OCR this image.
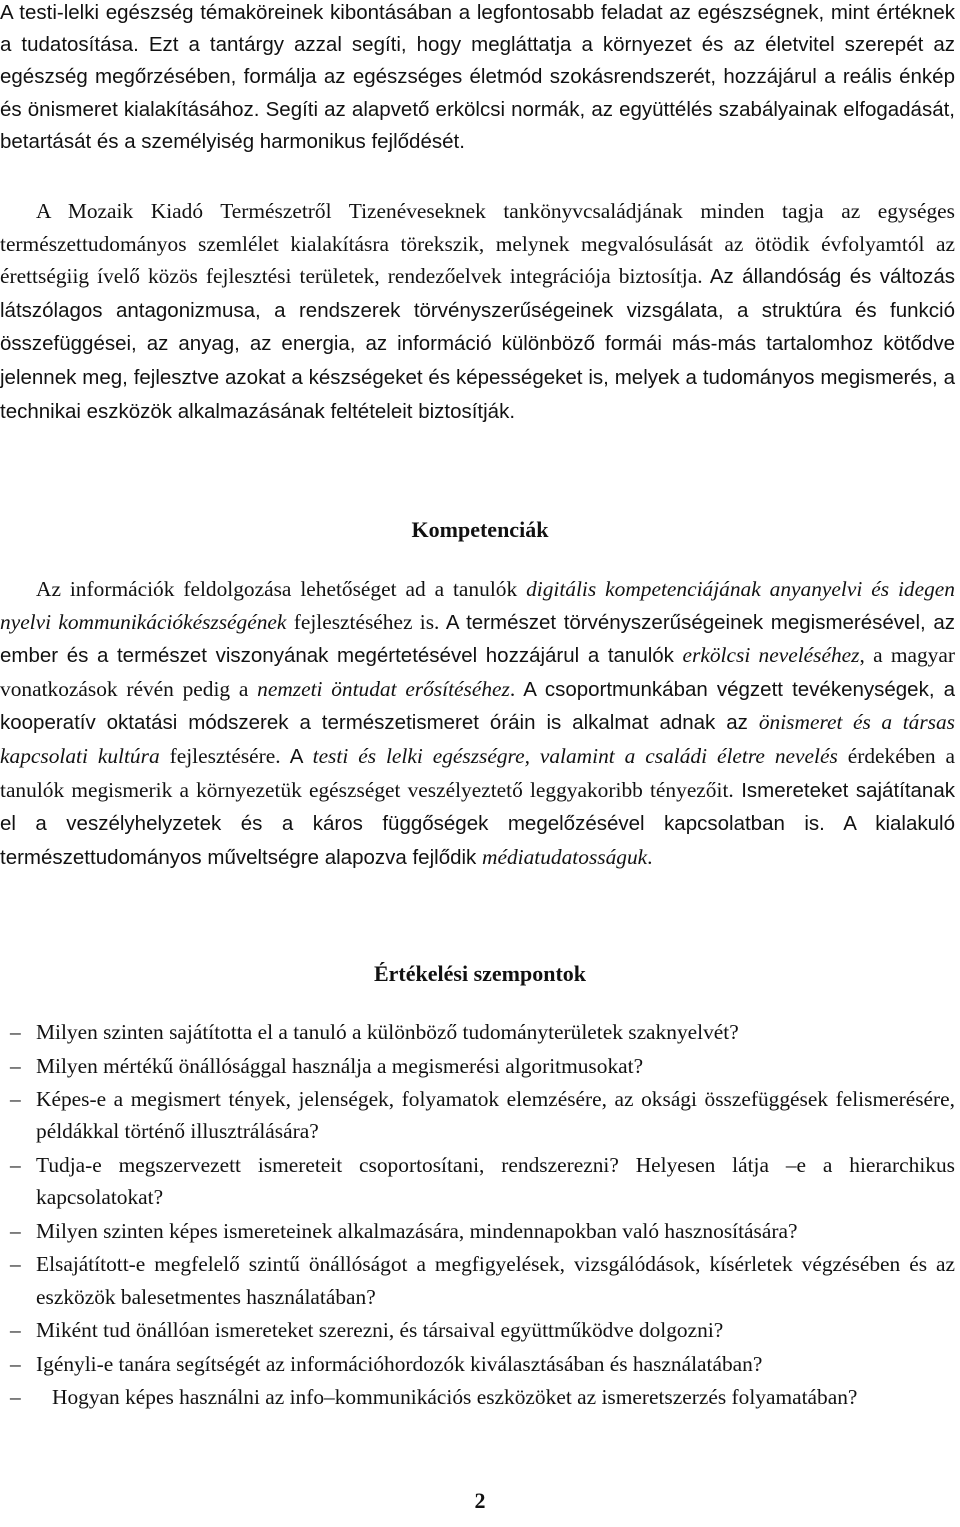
A testi-lelki egészség témaköreinek kibontásában a legfontosabb feladat az egészségnek, mint értéknek a tudatosítása. Ezt a tantárgy azzal segíti, hogy megláttatja a környezet és az életvitel szerepét az egészség megőrzésében, formálja az egészséges életmód szokásrendszerét, hozzájárul a reális énkép és önismeret kialakításához. Segíti az alapvető erkölcsi normák, az együttélés szabályainak elfogadását, betartását és a személyiség harmonikus fejlődését.

A Mozaik Kiadó Természetről Tizenéveseknek tankönyvcsaládjának minden tagja az egységes természettudományos szemlélet kialakításra törekszik, melynek megvalósulását az ötödik évfolyamtól az érettségiig ívelő közös fejlesztési területek, rendezőelvek integrációja biztosítja. Az állandóság és változás látszólagos antagonizmusa, a rendszerek törvényszerűségeinek vizsgálata, a struktúra és funkció összefüggései, az anyag, az energia, az információ különböző formái más-más tartalomhoz kötődve jelennek meg, fejlesztve azokat a készségeket és képességeket is, melyek a tudományos megismerés, a technikai eszközök alkalmazásának feltételeit biztosítják.

Kompetenciák

Az információk feldolgozása lehetőséget ad a tanulók digitális kompetenciájának anyanyelvi és idegen nyelvi kommunikációkészségének fejlesztéséhez is. A természet törvényszerűségeinek megismerésével, az ember és a természet viszonyának megértetésével hozzájárul a tanulók erkölcsi neveléséhez, a magyar vonatkozások révén pedig a nemzeti öntudat erősítéséhez. A csoportmunkában végzett tevékenységek, a kooperatív oktatási módszerek a természetismeret óráin is alkalmat adnak az önismeret és a társas kapcsolati kultúra fejlesztésére. A testi és lelki egészségre, valamint a családi életre nevelés érdekében a tanulók megismerik a környezetük egészséget veszélyeztető leggyakoribb tényezőit. Ismereteket sajátítanak el a veszélyhelyzetek és a káros függőségek megelőzésével kapcsolatban is. A kialakuló természettudományos műveltségre alapozva fejlődik médiatudatosságuk.

Értékelési szempontok
– Milyen szinten sajátította el a tanuló a különböző tudományterületek szaknyelvét?
– Milyen mértékű önállósággal használja a megismerési algoritmusokat?
– Képes-e a megismert tények, jelenségek, folyamatok elemzésére, az oksági összefüggések felismerésére, példákkal történő illusztrálására?
– Tudja-e megszervezett ismereteit csoportosítani, rendszerezni? Helyesen látja –e a hierarchikus kapcsolatokat?
– Milyen szinten képes ismereteinek alkalmazására, mindennapokban való hasznosítására?
– Elsajátított-e megfelelő szintű önállóságot a megfigyelések, vizsgálódások, kísérletek végzésében és az eszközök balesetmentes használatában?
– Miként tud önállóan ismereteket szerezni, és társaival együttműködve dolgozni?
– Igényli-e tanára segítségét az információhordozók kiválasztásában és használatában?
– Hogyan képes használni az info–kommunikációs eszközöket az ismeretszerzés folyamatában?

2
